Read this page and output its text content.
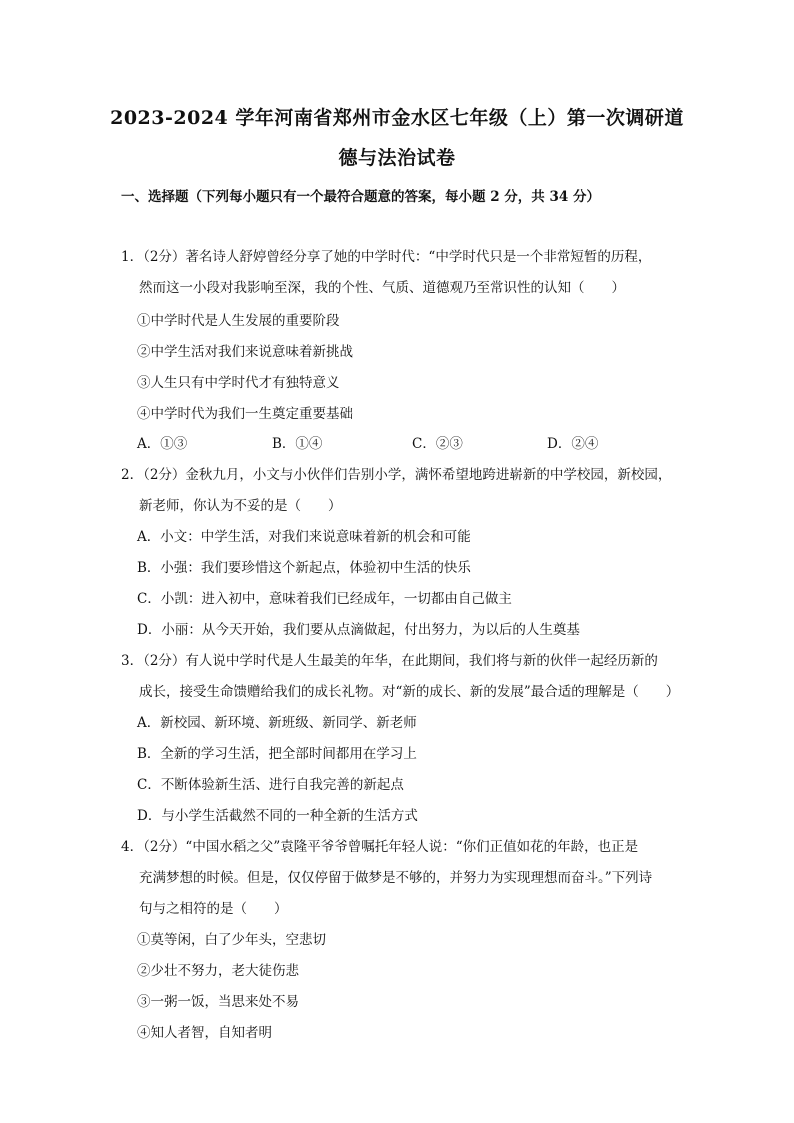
2023-2024 学年河南省郑州市金水区七年级（上）第一次调研道
德与法治试卷
一、选择题（下列每小题只有一个最符合题意的答案，每小题 2 分，共 34 分）
1．（2分）著名诗人舒婷曾经分享了她的中学时代：“中学时代只是一个非常短暂的历程，
然而这一小段对我影响至深，我的个性、气质、道德观乃至常识性的认知（　　）
①中学时代是人生发展的重要阶段
②中学生活对我们来说意味着新挑战
③人生只有中学时代才有独特意义
④中学时代为我们一生奠定重要基础
A．①③	B．①④	C．②③	D．②④
2．（2分）金秋九月，小文与小伙伴们告别小学，满怀希望地跨进崭新的中学校园，新校园，
新老师，你认为不妥的是（　　）
A．小文：中学生活，对我们来说意味着新的机会和可能
B．小强：我们要珍惜这个新起点，体验初中生活的快乐
C．小凯：进入初中，意味着我们已经成年，一切都由自己做主
D．小丽：从今天开始，我们要从点滴做起，付出努力，为以后的人生奠基
3．（2分）有人说中学时代是人生最美的年华，在此期间，我们将与新的伙伴一起经历新的
成长，接受生命馈赠给我们的成长礼物。对“新的成长、新的发展”最合适的理解是（　　）
A．新校园、新环境、新班级、新同学、新老师
B．全新的学习生活，把全部时间都用在学习上
C．不断体验新生活、进行自我完善的新起点
D．与小学生活截然不同的一种全新的生活方式
4．（2分）“中国水稻之父”袁隆平爷爷曾嘱托年轻人说：“你们正值如花的年龄，也正是
充满梦想的时候。但是，仅仅停留于做梦是不够的，并努力为实现理想而奋斗。”下列诗
句与之相符的是（　　）
①莫等闲，白了少年头，空悲切
②少壮不努力，老大徒伤悲
③一粥一饭，当思来处不易
④知人者智，自知者明
